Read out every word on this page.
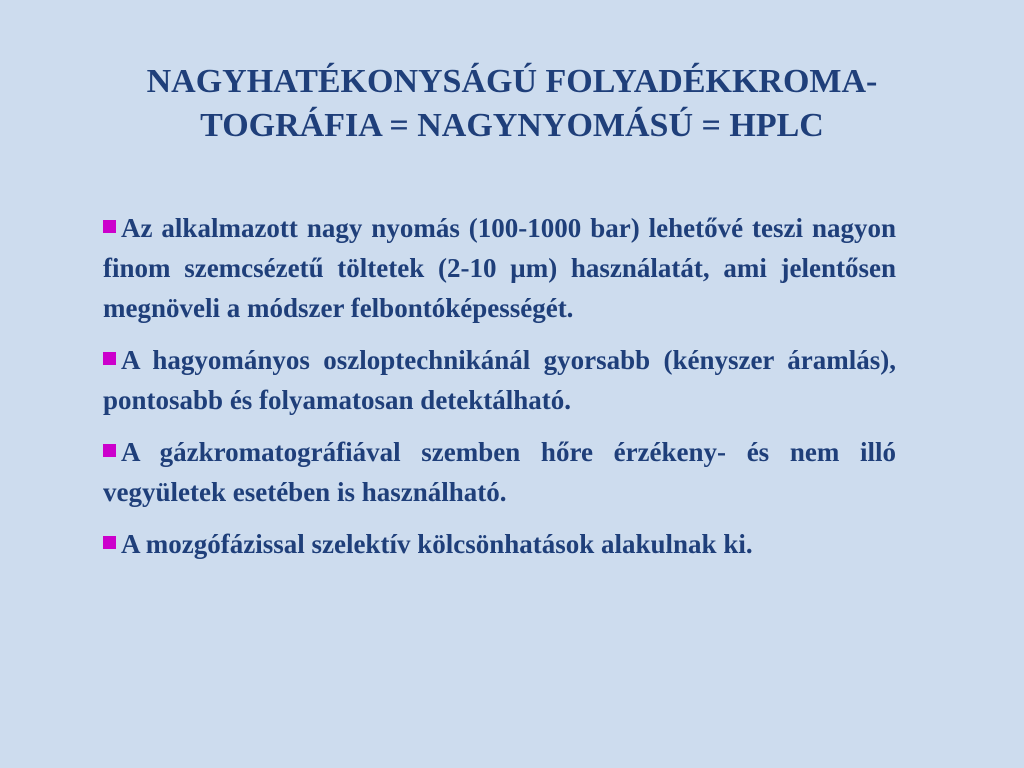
NAGYHATÉKONYSÁGÚ FOLYADÉKKROMA-
TOGRÁFIA = NAGYNYOMÁSÚ = HPLC
Az alkalmazott nagy nyomás (100-1000 bar) lehetővé teszi nagyon finom szemcsézetű töltetek (2-10 µm) használatát, ami jelentősen megnöveli a módszer felbontóképességét.
A hagyományos oszloptechnikánál gyorsabb (kényszer áramlás), pontosabb és folyamatosan detektálható.
A gázkromatográfiával szemben hőre érzékeny- és nem illó vegyületek esetében is használható.
A mozgófázissal szelektív kölcsönhatások alakulnak ki.
